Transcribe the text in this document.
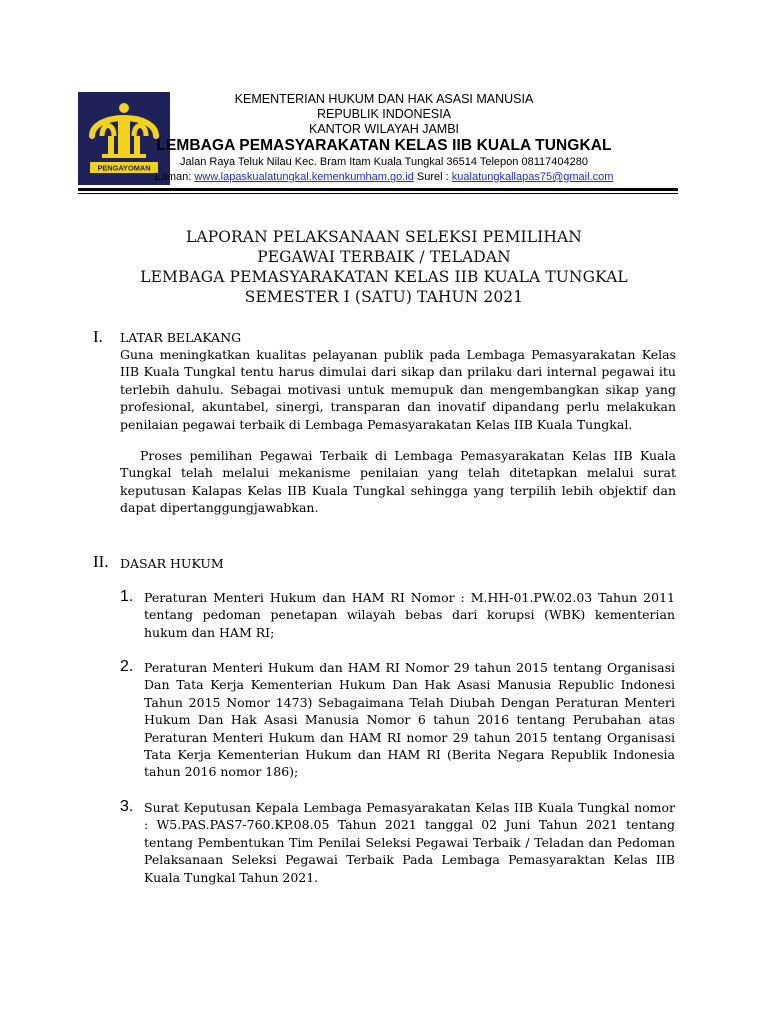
PENGAYOMAN
KEMENTERIAN HUKUM DAN HAK ASASI MANUSIA
REPUBLIK INDONESIA
KANTOR WILAYAH JAMBI
LEMBAGA PEMASYARAKATAN KELAS IIB KUALA TUNGKAL
Jalan Raya Teluk Nilau Kec. Bram Itam Kuala Tungkal 36514 Telepon 08117404280
Laman: www.lapaskualatungkal.kemenkumham.go.id Surel : kualatungkallapas75@gmail.com
LAPORAN PELAKSANAAN SELEKSI PEMILIHAN
PEGAWAI TERBAIK / TELADAN
LEMBAGA PEMASYARAKATAN KELAS IIB KUALA TUNGKAL
SEMESTER I (SATU) TAHUN 2021
I. LATAR BELAKANG

Guna meningkatkan kualitas pelayanan publik pada Lembaga Pemasyarakatan Kelas IIB Kuala Tungkal tentu harus dimulai dari sikap dan prilaku dari internal pegawai itu terlebih dahulu. Sebagai motivasi untuk memupuk dan mengembangkan sikap yang profesional, akuntabel, sinergi, transparan dan inovatif dipandang perlu melakukan penilaian pegawai terbaik di Lembaga Pemasyarakatan Kelas IIB Kuala Tungkal.

Proses pemilihan Pegawai Terbaik di Lembaga Pemasyarakatan Kelas IIB Kuala Tungkal telah melalui mekanisme penilaian yang telah ditetapkan melalui surat keputusan Kalapas Kelas IIB Kuala Tungkal sehingga yang terpilih lebih objektif dan dapat dipertanggungjawabkan.

II. DASAR HUKUM
1. Peraturan Menteri Hukum dan HAM RI Nomor : M.HH-01.PW.02.03 Tahun 2011 tentang pedoman penetapan wilayah bebas dari korupsi (WBK) kementerian hukum dan HAM RI;

2. Peraturan Menteri Hukum dan HAM RI Nomor 29 tahun 2015 tentang Organisasi Dan Tata Kerja Kementerian Hukum Dan Hak Asasi Manusia Republic Indonesi Tahun 2015 Nomor 1473) Sebagaimana Telah Diubah Dengan Peraturan Menteri Hukum Dan Hak Asasi Manusia Nomor 6 tahun 2016 tentang Perubahan atas Peraturan Menteri Hukum dan HAM RI nomor 29 tahun 2015 tentang Organisasi Tata Kerja Kementerian Hukum dan HAM RI (Berita Negara Republik Indonesia tahun 2016 nomor 186);

3. Surat Keputusan Kepala Lembaga Pemasyarakatan Kelas IIB Kuala Tungkal nomor : W5.PAS.PAS7-760.KP.08.05 Tahun 2021 tanggal 02 Juni Tahun 2021 tentang tentang Pembentukan Tim Penilai Seleksi Pegawai Terbaik / Teladan dan Pedoman Pelaksanaan Seleksi Pegawai Terbaik Pada Lembaga Pemasyaraktan Kelas IIB Kuala Tungkal Tahun 2021.
